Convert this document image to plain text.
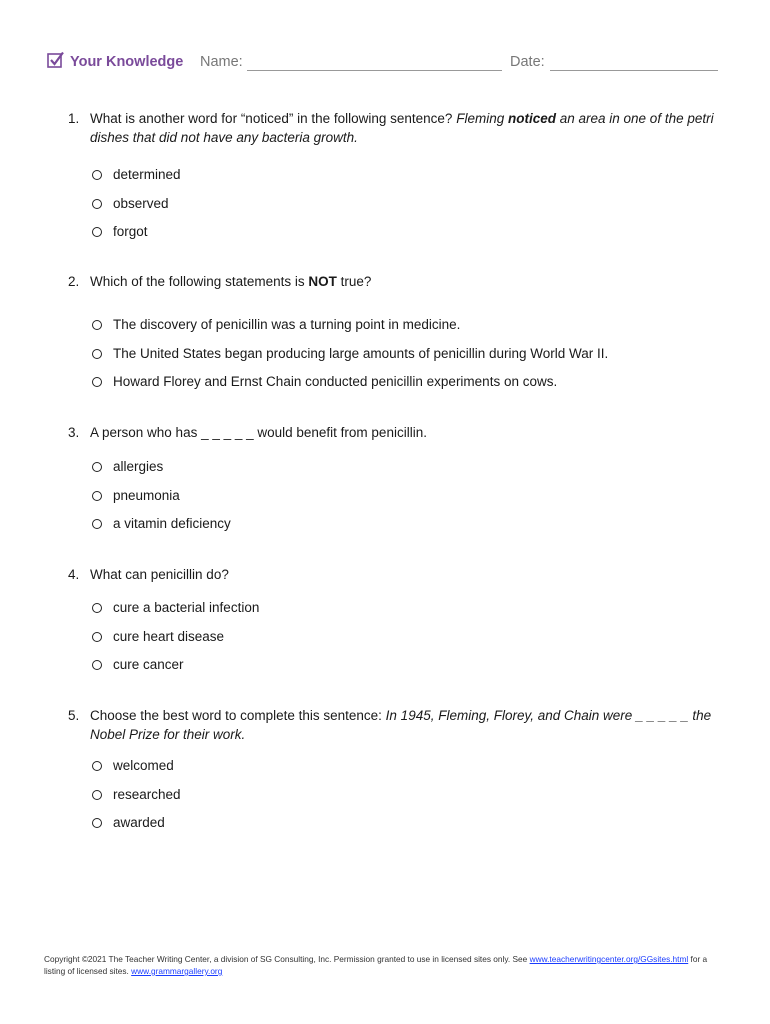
Your Knowledge Name:	Date:
1. What is another word for “noticed” in the following sentence? Fleming noticed an area in one of the petri dishes that did not have any bacteria growth.
determined
observed
forgot
2. Which of the following statements is NOT true?
The discovery of penicillin was a turning point in medicine.
The United States began producing large amounts of penicillin during World War II.
Howard Florey and Ernst Chain conducted penicillin experiments on cows.
3. A person who has _ _ _ _ _ would benefit from penicillin.
allergies
pneumonia
a vitamin deficiency
4. What can penicillin do?
cure a bacterial infection
cure heart disease
cure cancer
5. Choose the best word to complete this sentence: In 1945, Fleming, Florey, and Chain were _ _ _ _ _ the Nobel Prize for their work.
welcomed
researched
awarded
Copyright ©2021 The Teacher Writing Center, a division of SG Consulting, Inc. Permission granted to use in licensed sites only. See www.teacherwritingcenter.org/GGsites.html for a listing of licensed sites. www.grammargallery.org
